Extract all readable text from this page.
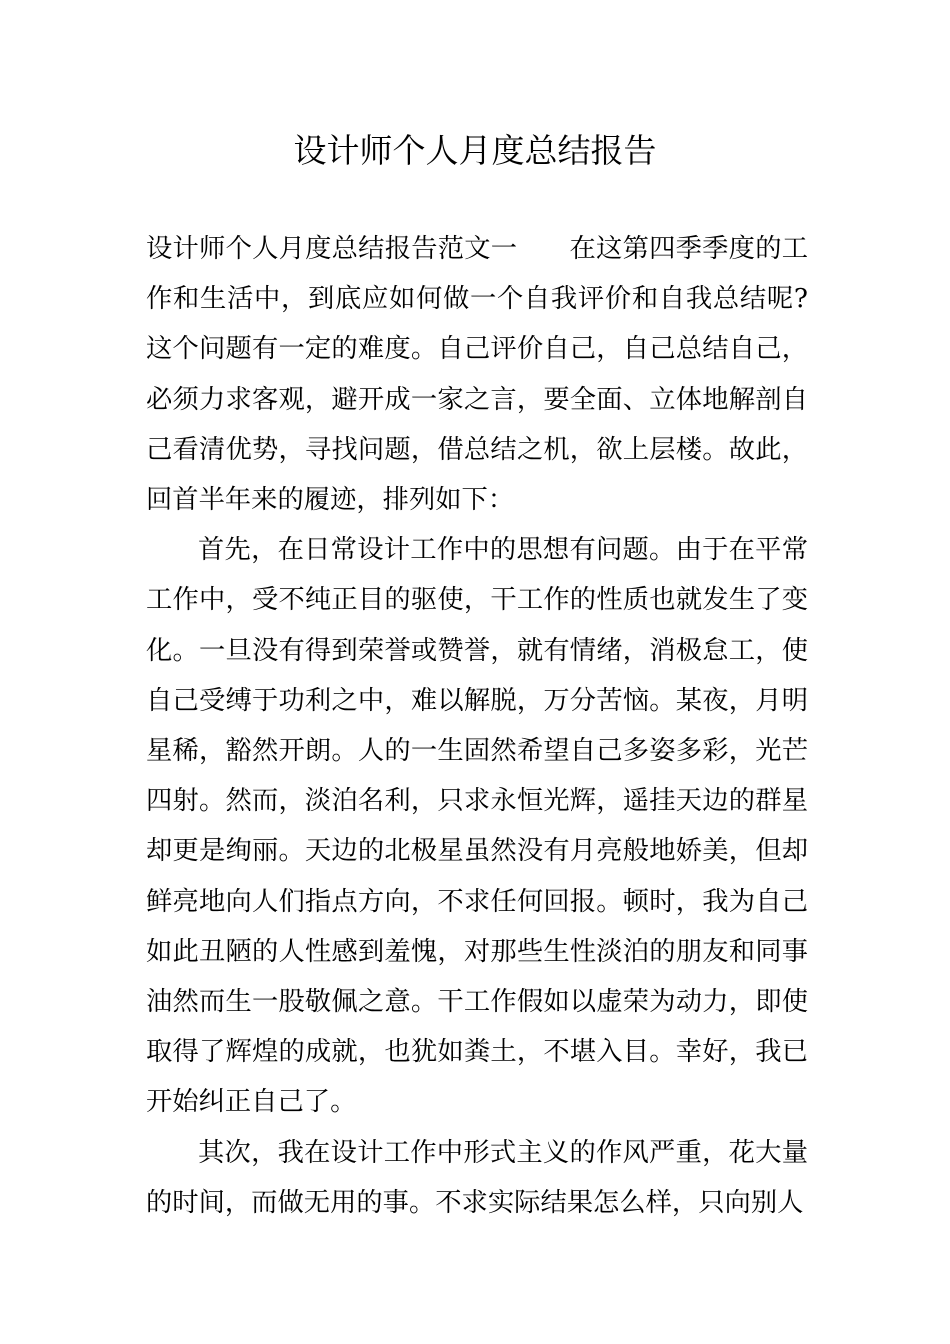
设计师个人月度总结报告

设计师个人月度总结报告范文一 在这第四季季度的工作和生活中，到底应如何做一个自我评价和自我总结呢?这个问题有一定的难度。自己评价自己，自己总结自己，必须力求客观，避开成一家之言，要全面、立体地解剖自己看清优势，寻找问题，借总结之机，欲上层楼。故此，回首半年来的履迹，排列如下：

首先，在日常设计工作中的思想有问题。由于在平常工作中，受不纯正目的驱使，干工作的性质也就发生了变化。一旦没有得到荣誉或赞誉，就有情绪，消极怠工，使自己受缚于功利之中，难以解脱，万分苦恼。某夜，月明星稀，豁然开朗。人的一生固然希望自己多姿多彩，光芒四射。然而，淡泊名利，只求永恒光辉，遥挂天边的群星却更是绚丽。天边的北极星虽然没有月亮般地娇美，但却鲜亮地向人们指点方向，不求任何回报。顿时，我为自己如此丑陋的人性感到羞愧，对那些生性淡泊的朋友和同事油然而生一股敬佩之意。干工作假如以虚荣为动力，即使取得了辉煌的成就，也犹如粪土，不堪入目。幸好，我已开始纠正自己了。

其次，我在设计工作中形式主义的作风严重，花大量的时间，而做无用的事。不求实际结果怎么样，只向别人
